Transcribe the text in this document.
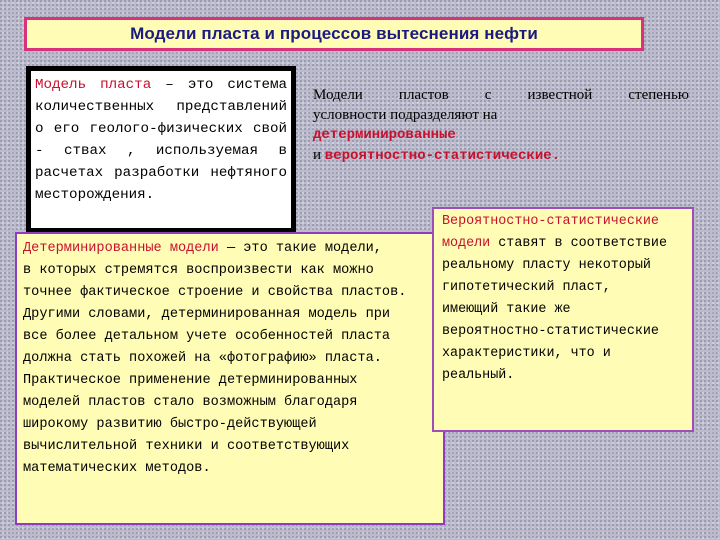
Модели пласта и процессов вытеснения нефти
Модель пласта – это система количественных представлений о его геолого-физических свой - ствах , используемая в расчетах разработки нефтяного месторождения.
Модели пластов с известной степенью
условности подразделяют на
детерминированные
и вероятностно-статистические.
Детерминированные модели — это такие модели,
в которых стремятся воспроизвести как можно
точнее фактическое строение и свойства пластов.
Другими словами, детерминированная модель при
все более детальном учете особенностей пласта
должна стать похожей на «фотографию» пласта.
Практическое применение детерминированных
моделей пластов стало возможным благодаря
широкому развитию быстро-действующей
вычислительной техники и соответствующих
математических методов.
Вероятностно-статистические
модели ставят в соответствие
реальному пласту некоторый
гипотетический пласт,
имеющий такие же
вероятностно-статистические
характеристики, что и
реальный.
